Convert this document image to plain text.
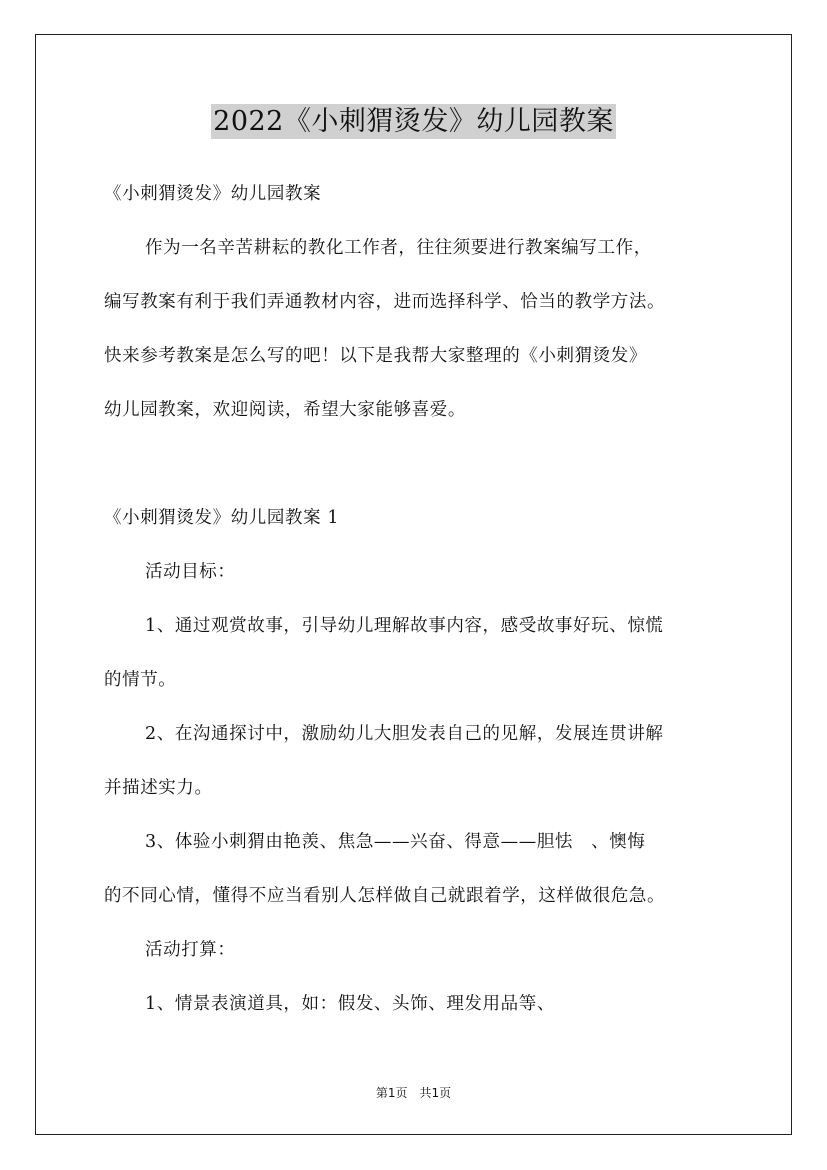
2022《小刺猬烫发》幼儿园教案
《小刺猬烫发》幼儿园教案
作为一名辛苦耕耘的教化工作者，往往须要进行教案编写工作，
编写教案有利于我们弄通教材内容，进而选择科学、恰当的教学方法。
快来参考教案是怎么写的吧！以下是我帮大家整理的《小刺猬烫发》
幼儿园教案，欢迎阅读，希望大家能够喜爱。
《小刺猬烫发》幼儿园教案 1
活动目标：
1、通过观赏故事，引导幼儿理解故事内容，感受故事好玩、惊慌
的情节。
2、在沟通探讨中，激励幼儿大胆发表自己的见解，发展连贯讲解
并描述实力。
3、体验小刺猬由艳羡、焦急——兴奋、得意——胆怯　、懊悔
的不同心情，懂得不应当看别人怎样做自己就跟着学，这样做很危急。
活动打算：
1、情景表演道具，如：假发、头饰、理发用品等、
第1页　共1页
